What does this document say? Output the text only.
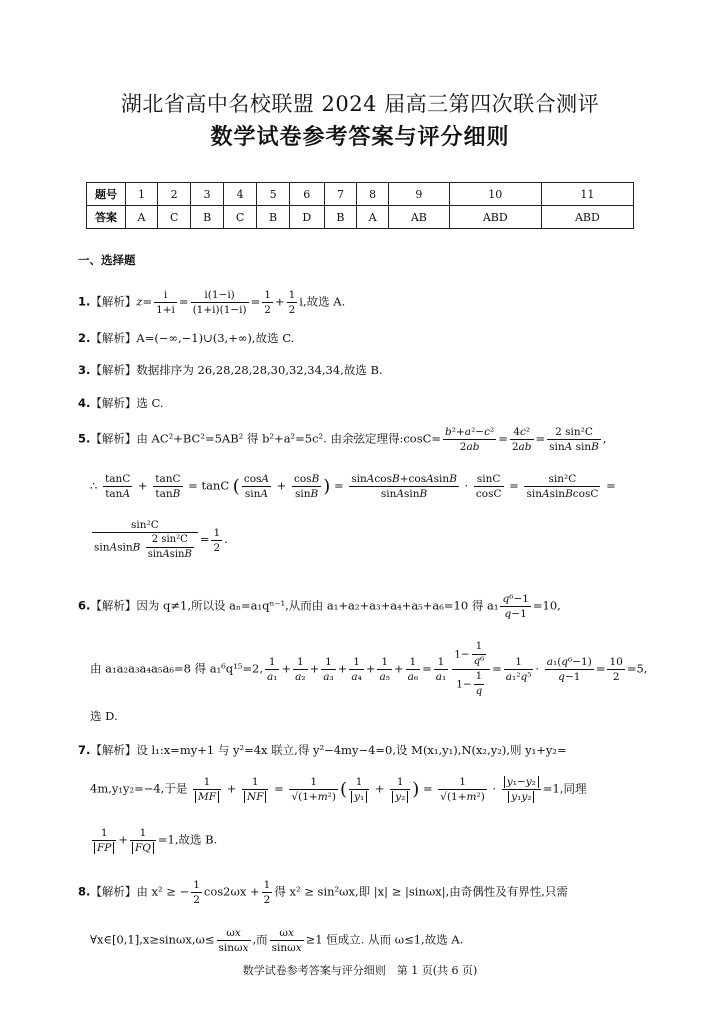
湖北省高中名校联盟 2024 届高三第四次联合测评
数学试卷参考答案与评分细则
题号	1	2	3	4	5	6	7	8	9	10	11
答案	A	C	B	C	B	D	B	A	AB	ABD	ABD
一、选择题
1.【解析】$z= \frac{i}{1+i} = \frac{i(1-i)}{(1+i)(1-i)} = \frac{1}{2} + \frac{1}{2} i$,故选 A.
2.【解析】A=(−∞,−1)∪(3,+∞),故选 C.
3.【解析】数据排序为 26,28,28,28,30,32,34,34,故选 B.
4.【解析】选 C.
5.【解析】由 AC²+BC²=5AB² 得 b²+a²=5c². 由余弦定理得:cosC= $\frac{\text{b²+a²−c²}}{2ab} = \frac{\text{4c²}}{2ab} = \frac{\text{2 sin²C}}{\text{sinA sinB}}$ ,
∴ $\frac{\tan C}{\tan A} + \frac{\tan C}{\tan B} = \tan C$ ( $\frac{\cos A}{\sin A} + \frac{\cos B}{\sin B}$ ) = $\frac{\text{sinAcosB+cosAsinB}}{\text{sinAsinB}} \cdot \frac{\sin C}{\cos C} = \frac{\text{sin²C}}{\text{sinAsinBcosC}}$ =
$\frac{\text{sin²C}}{sinAsinB \frac{\text{2 sin²C}}{\text{sinAsinB}}} = \frac{1}{2}$ .
6.【解析】因为 q≠1,所以设 aₙ=a₁qⁿ⁻¹,从而由 a₁+a₂+a₃+a₄+a₅+a₆=10 得 $a_1 \frac{\text{q⁶−1}}{q-1} =10$,
由 a₁a₂a₃a₄a₅a₆=8 得 a₁⁶q¹⁵=2, $\frac{1}{\text{a₁}} + \frac{1}{\text{a₂}} + \frac{1}{\text{a₃}} + \frac{1}{\text{a₄}} + \frac{1}{\text{a₅}} + \frac{1}{\text{a₆}} = \frac{1}{\text{a₁}} \frac{1- \frac{1}{\text{q⁶}}}{1- \frac{1}{q}} = \frac{1}{\text{a₁²q⁵}} \cdot \frac{\text{a₁(q⁶−1)}}{q-1} = \frac{10}{2} =5$,
选 D.
7.【解析】设 l₁:x=my+1 与 y²=4x 联立,得 y²−4my−4=0,设 M(x₁,y₁),N(x₂,y₂),则 y₁+y₂=
4m,y₁y₂=−4,于是 $\frac{1}{MF} + \frac{1}{NF} = \frac{1}{\text{√(1+m²)}}$ ( $\frac{1}{\text{y₁}} + \frac{1}{\text{y₂}}$ ) = $\frac{1}{\text{√(1+m²)}} \cdot \frac{\text{y₁−y₂}}{\text{y₁y₂}} =1$,同理
$\frac{1}{FP} + \frac{1}{FQ} =1$,故选 B.
8.【解析】由 x² ≥ − $\frac{1}{2} \cos 2\omega x + \frac{1}{2}$ 得 x² ≥ sin²ωx,即 |x| ≥ |sinωx|,由奇偶性及有界性,只需
∀x∈[0,1],x≥sinωx,ω≤ $\frac{\omega x}{\sin\omega x}$ ,而 $\frac{\omega x}{\sin\omega x} \ge 1$ 恒成立. 从而 ω≤1,故选 A.
数学试卷参考答案与评分细则　第 1 页(共 6 页)
